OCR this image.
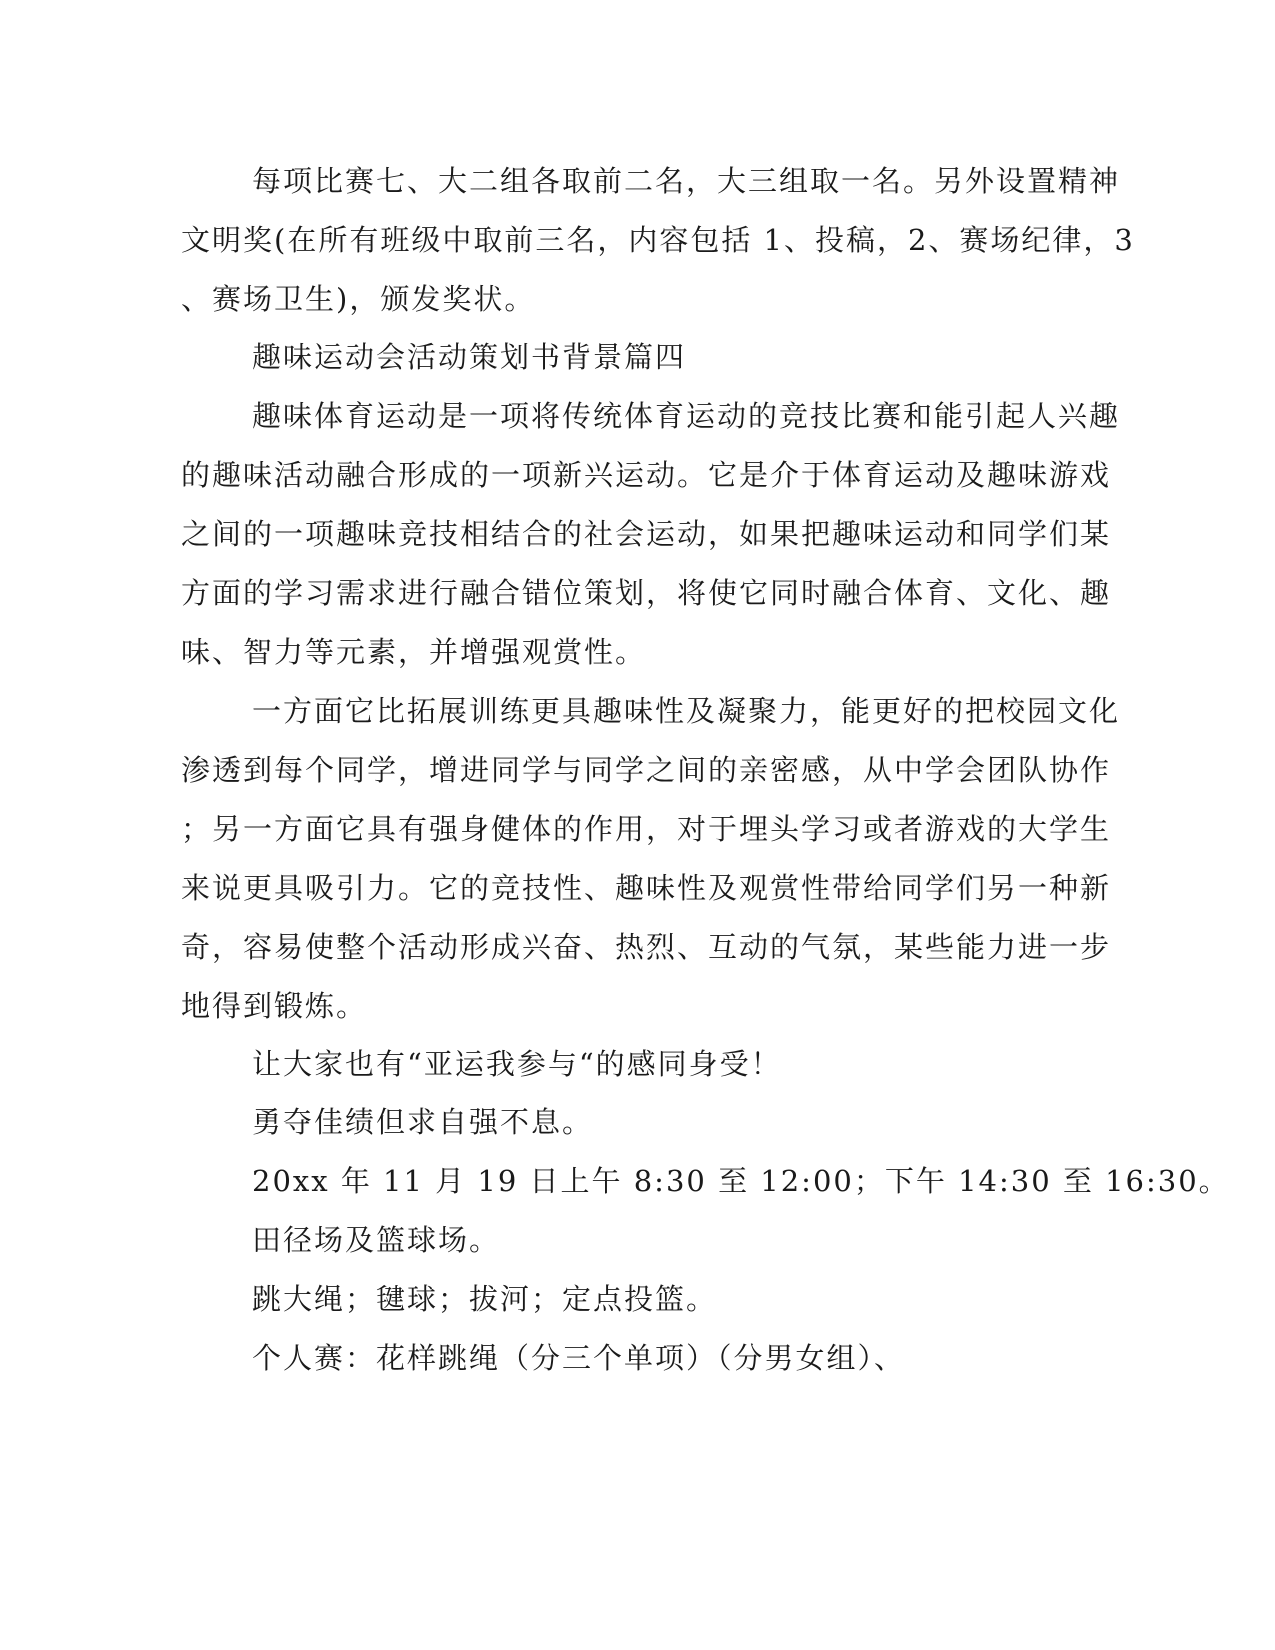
每项比赛七、大二组各取前二名，大三组取一名。另外设置精神

文明奖(在所有班级中取前三名，内容包括 1、投稿，2、赛场纪律，3

、赛场卫生)，颁发奖状。

趣味运动会活动策划书背景篇四

趣味体育运动是一项将传统体育运动的竞技比赛和能引起人兴趣

的趣味活动融合形成的一项新兴运动。它是介于体育运动及趣味游戏

之间的一项趣味竞技相结合的社会运动，如果把趣味运动和同学们某

方面的学习需求进行融合错位策划，将使它同时融合体育、文化、趣

味、智力等元素，并增强观赏性。

一方面它比拓展训练更具趣味性及凝聚力，能更好的把校园文化

渗透到每个同学，增进同学与同学之间的亲密感，从中学会团队协作

；另一方面它具有强身健体的作用，对于埋头学习或者游戏的大学生

来说更具吸引力。它的竞技性、趣味性及观赏性带给同学们另一种新

奇，容易使整个活动形成兴奋、热烈、互动的气氛，某些能力进一步

地得到锻炼。

让大家也有“亚运我参与“的感同身受！

勇夺佳绩但求自强不息。

20xx 年 11 月 19 日上午 8:30 至 12:00；下午 14:30 至 16:30。

田径场及篮球场。

跳大绳；毽球；拔河；定点投篮。

个人赛：花样跳绳（分三个单项）（分男女组）、
